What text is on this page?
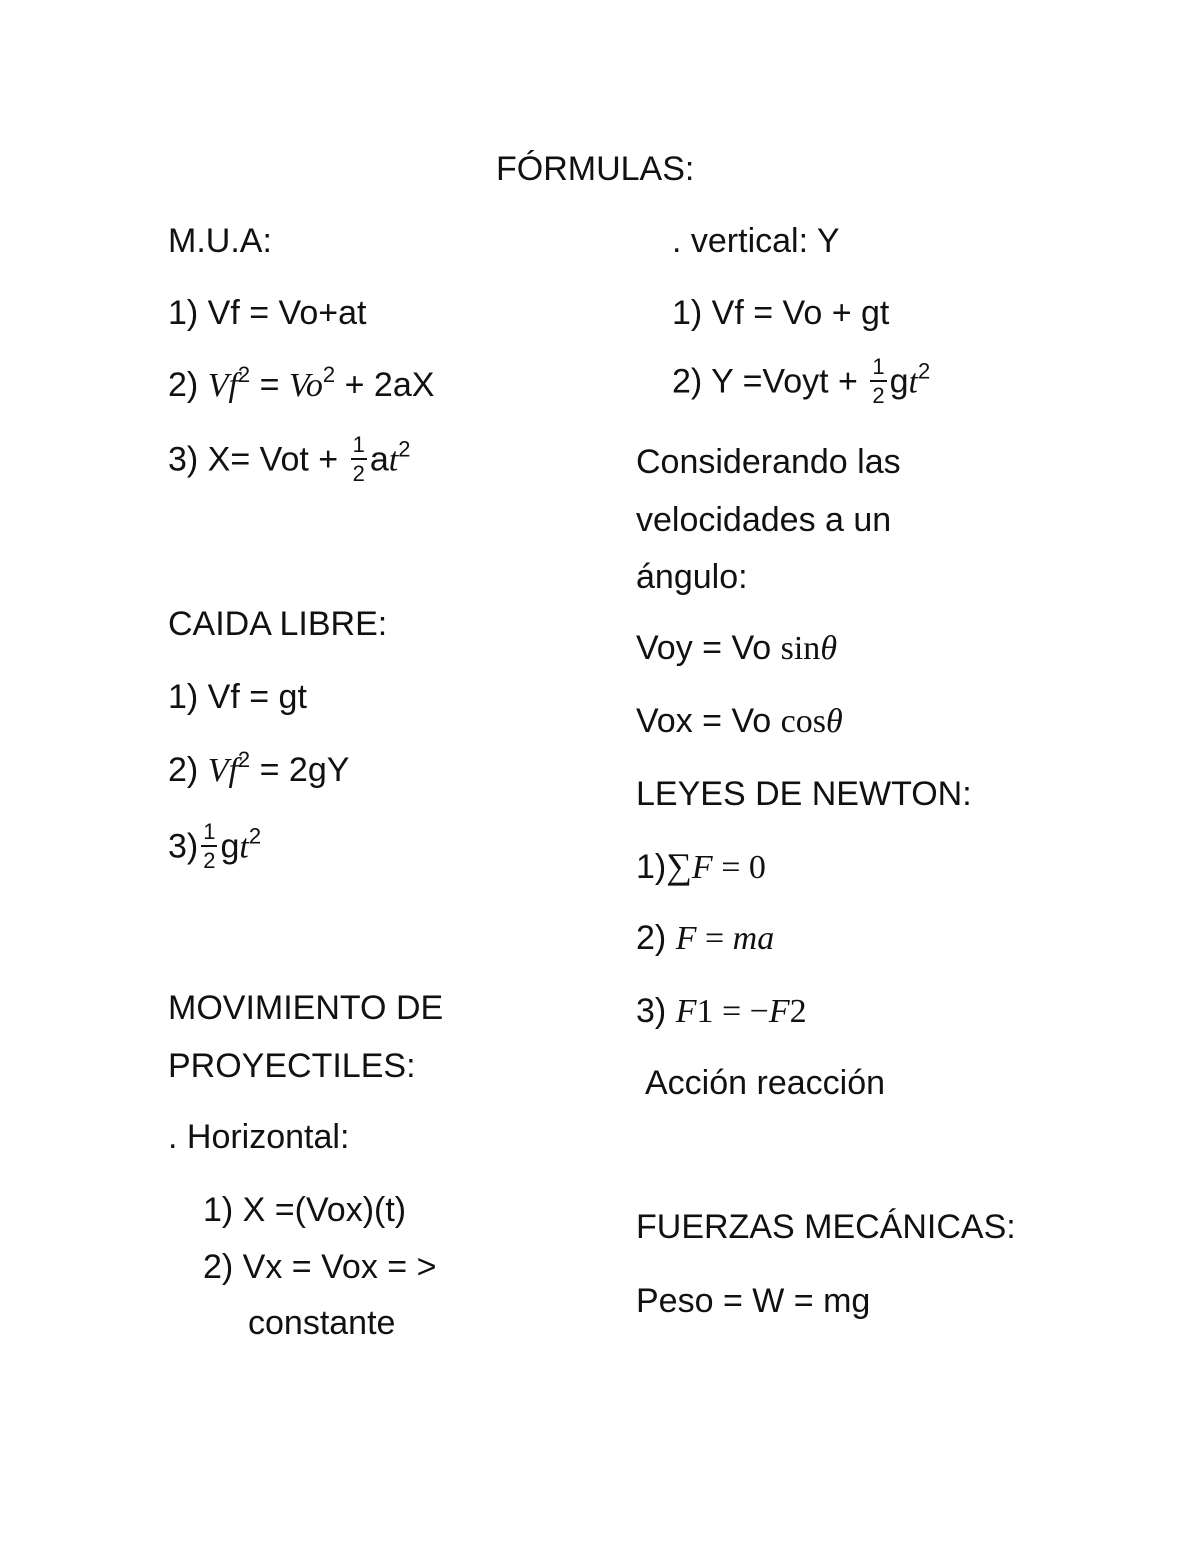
FÓRMULAS:
M.U.A:
1) Vf = Vo+at
2) $Vf^2 = Vo^2 + 2aX$
3) X= Vot + $\frac{1}{2} at^2$
CAIDA LIBRE:
1) Vf = gt
2) $Vf^2 = 2gY$
$3) \frac{1}{2} gt^2$
MOVIMIENTO DE
PROYECTILES:
. Horizontal:
1) X =(Vox)(t)
2) Vx = Vox = >
constante
. vertical: Y
1) Vf = Vo + gt
2) Y =Voyt + $\frac{1}{2} gt^2$
Considerando las
velocidades a un
ángulo:
Voy = Vo sinθ
Vox = Vo cosθ
LEYES DE NEWTON:
1)∑F = 0
2) F = ma
3) F1 = −F2
Acción reacción
FUERZAS MECÁNICAS:
Peso = W = mg
